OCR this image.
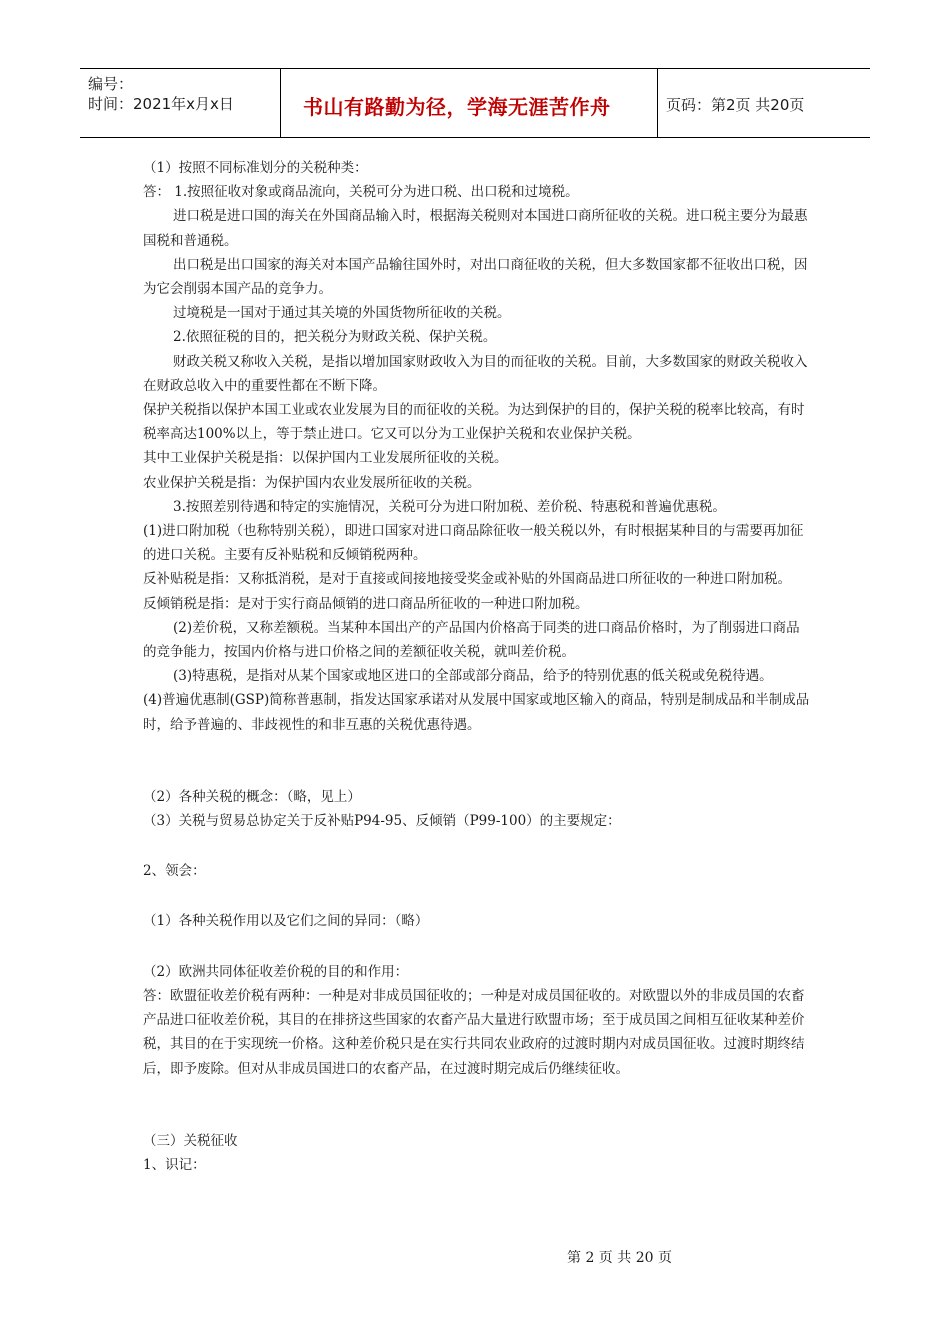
编号：
时间：2021年x月x日	书山有路勤为径，学海无涯苦作舟	页码：第2页 共20页

（1）按照不同标准划分的关税种类：

答： 1.按照征收对象或商品流向，关税可分为进口税、出口税和过境税。

进口税是进口国的海关在外国商品输入时，根据海关税则对本国进口商所征收的关税。进口税主要分为最惠国税和普通税。

出口税是出口国家的海关对本国产品输往国外时，对出口商征收的关税，但大多数国家都不征收出口税，因为它会削弱本国产品的竞争力。

过境税是一国对于通过其关境的外国货物所征收的关税。

2.依照征税的目的，把关税分为财政关税、保护关税。

财政关税又称收入关税，是指以增加国家财政收入为目的而征收的关税。目前，大多数国家的财政关税收入在财政总收入中的重要性都在不断下降。

保护关税指以保护本国工业或农业发展为目的而征收的关税。为达到保护的目的，保护关税的税率比较高，有时税率高达100%以上，等于禁止进口。它又可以分为工业保护关税和农业保护关税。

其中工业保护关税是指：以保护国内工业发展所征收的关税。

农业保护关税是指：为保护国内农业发展所征收的关税。

3.按照差别待遇和特定的实施情况，关税可分为进口附加税、差价税、特惠税和普遍优惠税。

(1)进口附加税（也称特别关税），即进口国家对进口商品除征收一般关税以外，有时根据某种目的与需要再加征的进口关税。主要有反补贴税和反倾销税两种。

反补贴税是指：又称抵消税，是对于直接或间接地接受奖金或补贴的外国商品进口所征收的一种进口附加税。

反倾销税是指：是对于实行商品倾销的进口商品所征收的一种进口附加税。

(2)差价税，又称差额税。当某种本国出产的产品国内价格高于同类的进口商品价格时，为了削弱进口商品的竞争能力，按国内价格与进口价格之间的差额征收关税，就叫差价税。

(3)特惠税，是指对从某个国家或地区进口的全部或部分商品，给予的特别优惠的低关税或免税待遇。

(4)普遍优惠制(GSP)简称普惠制，指发达国家承诺对从发展中国家或地区输入的商品，特别是制成品和半制成品时，给予普遍的、非歧视性的和非互惠的关税优惠待遇。

（2）各种关税的概念：（略，见上）

（3）关税与贸易总协定关于反补贴P94-95、反倾销（P99-100）的主要规定：

2、领会：

（1）各种关税作用以及它们之间的异同：（略）

（2）欧洲共同体征收差价税的目的和作用：

答：欧盟征收差价税有两种：一种是对非成员国征收的；一种是对成员国征收的。对欧盟以外的非成员国的农畜产品进口征收差价税，其目的在排挤这些国家的农畜产品大量进行欧盟市场；至于成员国之间相互征收某种差价税，其目的在于实现统一价格。这种差价税只是在实行共同农业政府的过渡时期内对成员国征收。过渡时期终结后，即予废除。但对从非成员国进口的农畜产品，在过渡时期完成后仍继续征收。

（三）关税征收

1、识记：

第 2 页 共 20 页
